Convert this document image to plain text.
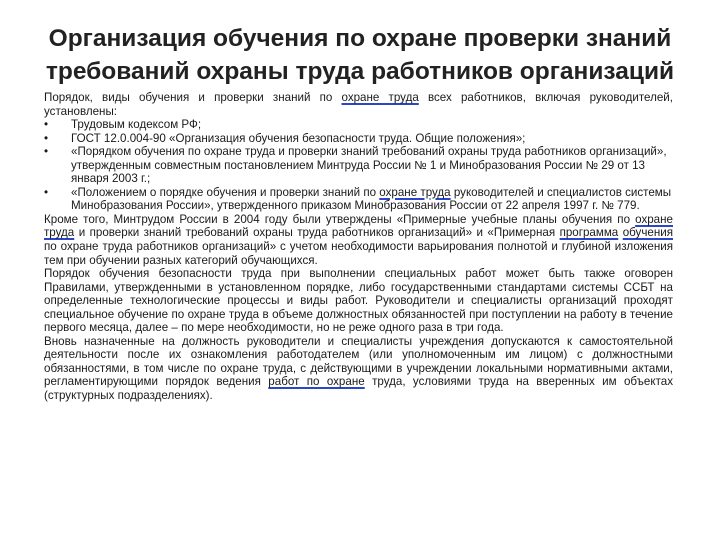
Организация обучения по охране проверки знаний
требований охраны труда работников организаций
Порядок, виды обучения и проверки знаний по охране труда всех работников, включая руководителей, установлены:
• Трудовым кодексом РФ;
• ГОСТ 12.0.004-90 «Организация обучения безопасности труда. Общие положения»;
• «Порядком обучения по охране труда и проверки знаний требований охраны труда работников организаций», утвержденным совместным постановлением Минтруда России № 1 и Минобразования России № 29 от 13 января 2003 г.;
• «Положением о порядке обучения и проверки знаний по охране труда руководителей и специалистов системы Минобразования России», утвержденного приказом Минобразования России от 22 апреля 1997 г. № 779.
Кроме того, Минтрудом России в 2004 году были утверждены «Примерные учебные планы обучения по охране труда и проверки знаний требований охраны труда работников организаций» и «Примерная программа обучения по охране труда работников организаций» с учетом необходимости варьирования полнотой и глубиной изложения тем при обучении разных категорий обучающихся.
Порядок обучения безопасности труда при выполнении специальных работ может быть также оговорен Правилами, утвержденными в установленном порядке, либо государственными стандартами системы ССБТ на определенные технологические процессы и виды работ. Руководители и специалисты организаций проходят специальное обучение по охране труда в объеме должностных обязанностей при поступлении на работу в течение первого месяца, далее – по мере необходимости, но не реже одного раза в три года.
Вновь назначенные на должность руководители и специалисты учреждения допускаются к самостоятельной деятельности после их ознакомления работодателем (или уполномоченным им лицом) с должностными обязанностями, в том числе по охране труда, с действующими в учреждении локальными нормативными актами, регламентирующими порядок ведения работ по охране труда, условиями труда на вверенных им объектах (структурных подразделениях).
